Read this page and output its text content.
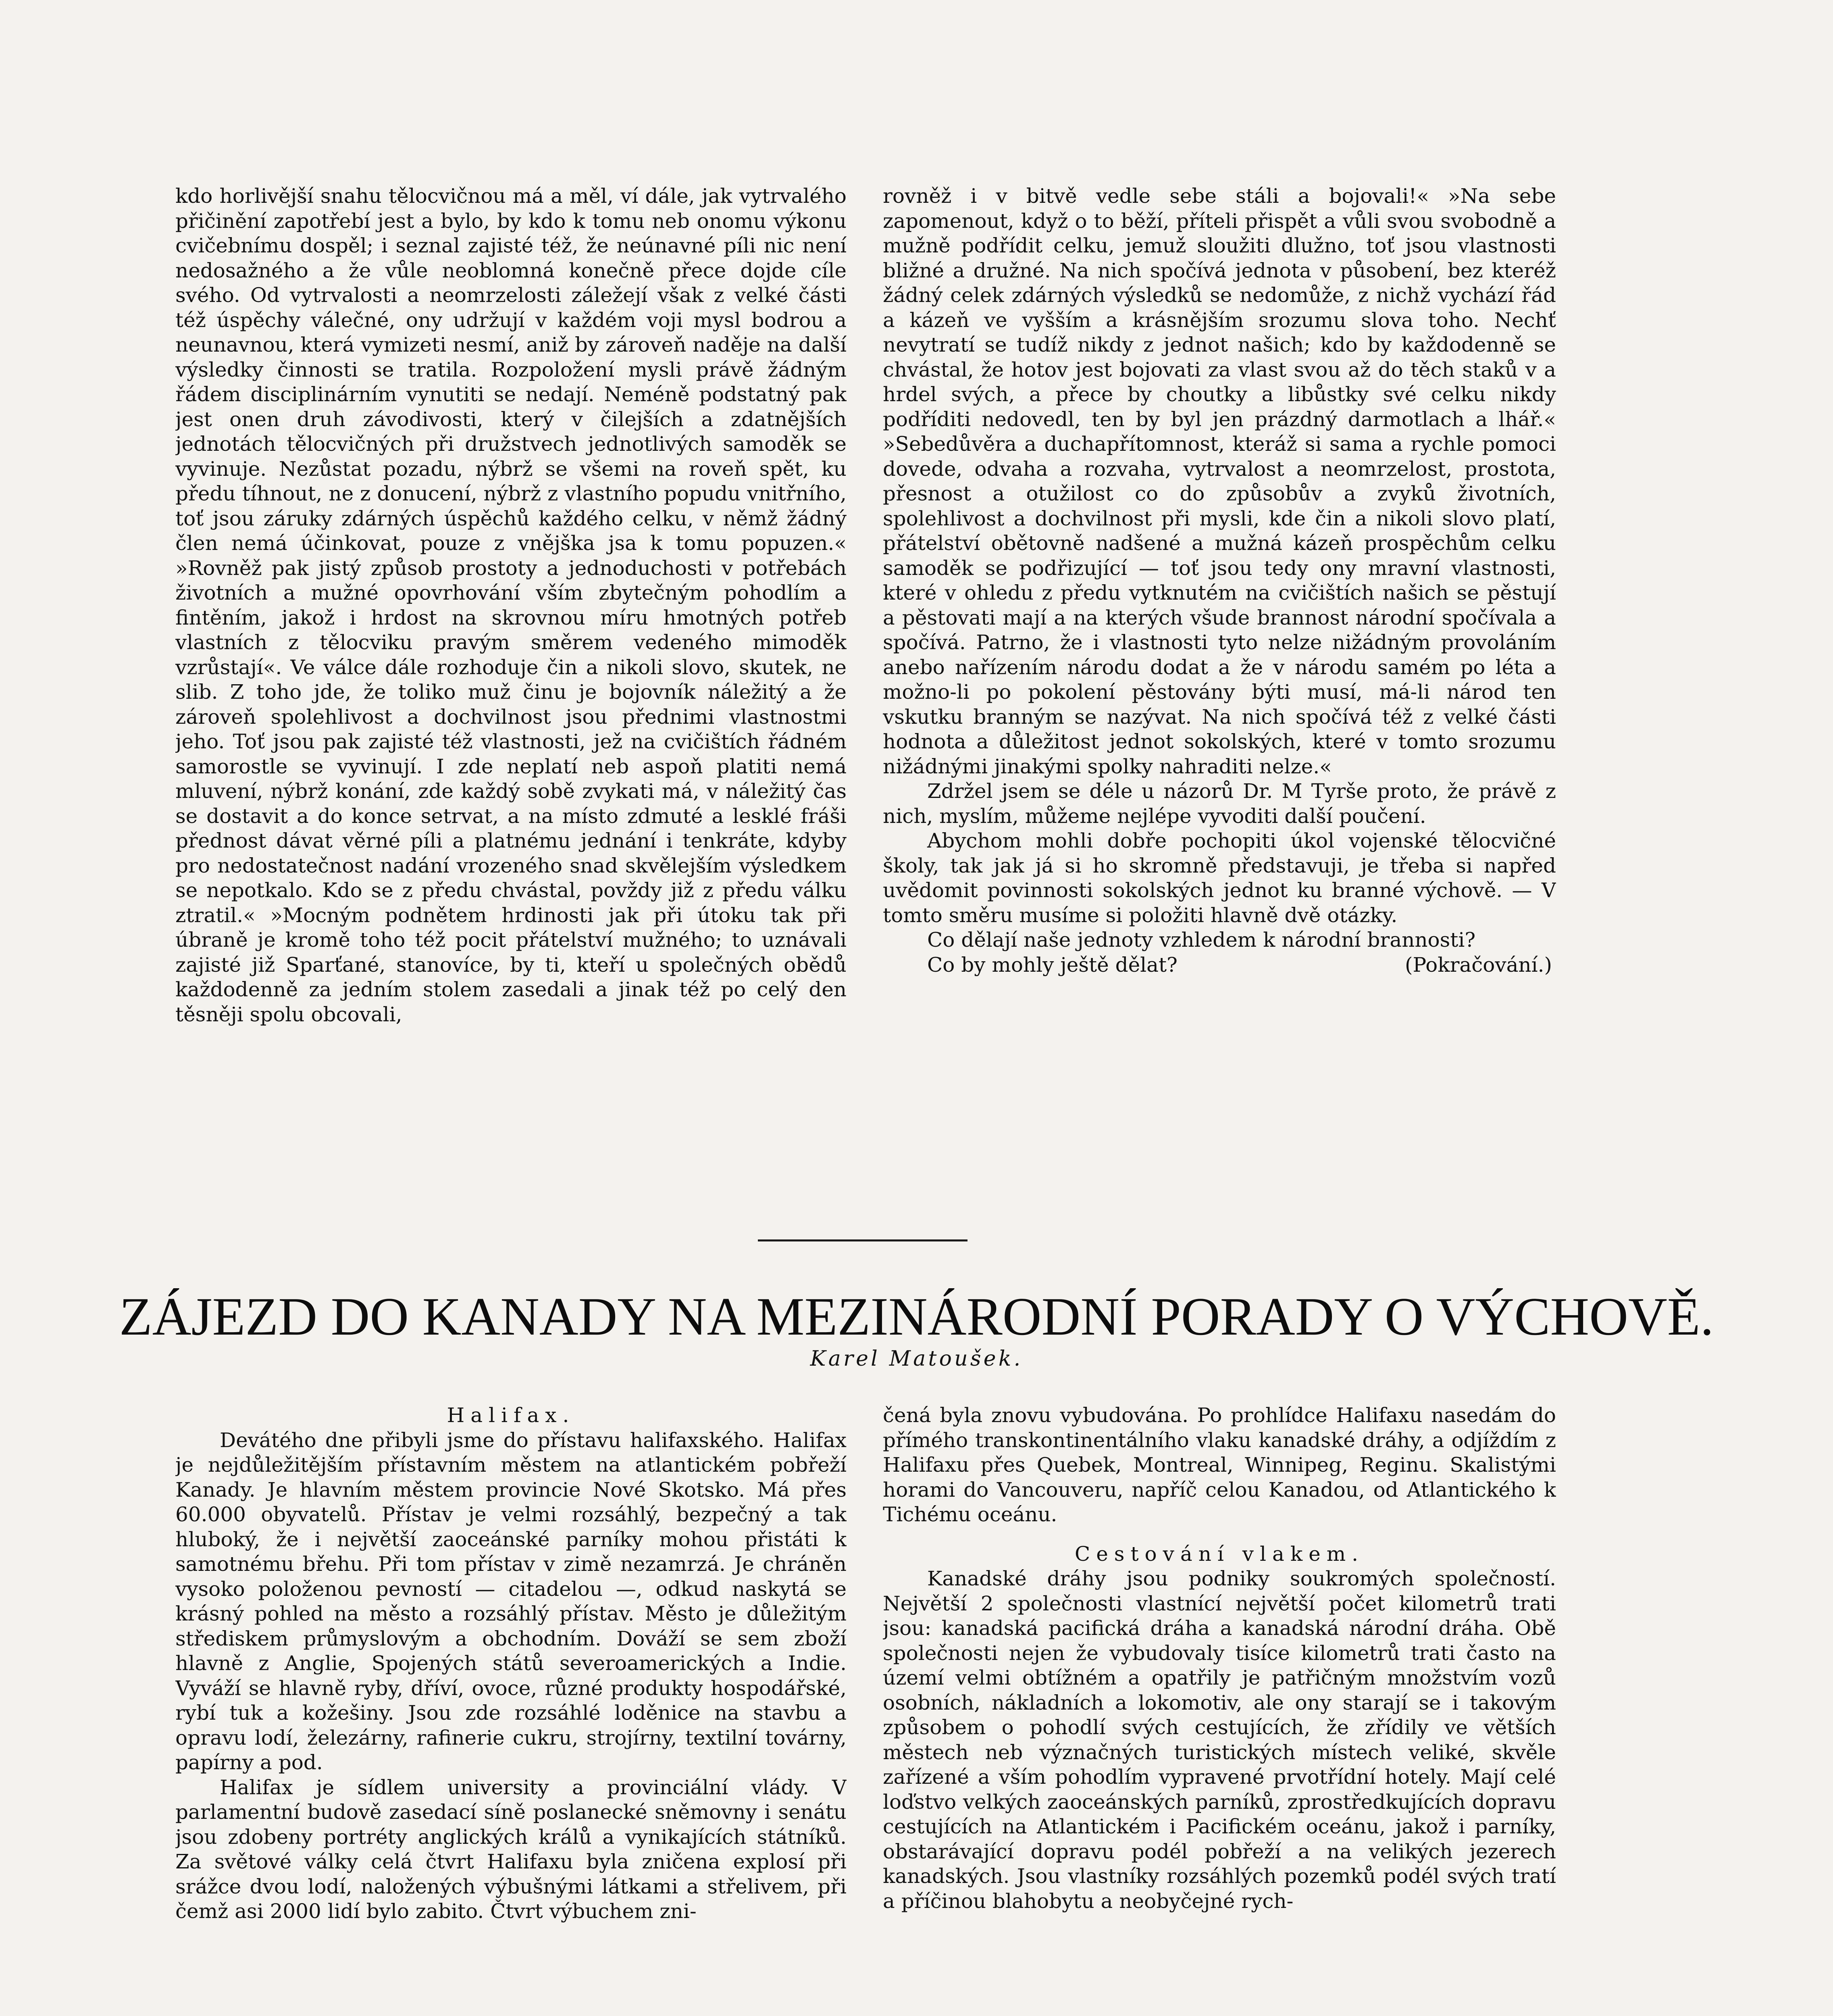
kdo horlivější snahu tělocvičnou má a měl, ví dále, jak vytrvalého přičinění zapotřebí jest a bylo, by kdo k tomu neb onomu výkonu cvičebnímu dospěl; i seznal zajisté též, že neúnavné píli nic není nedosažného a že vůle neoblomná konečně přece dojde cíle svého. Od vytrvalosti a neomrzelosti záležejí však z velké části též úspěchy válečné, ony udržují v každém voji mysl bodrou a neunavnou, která vymizeti nesmí, aniž by zároveň naděje na další výsledky činnosti se tratila. Rozpoložení mysli právě žádným řádem disciplinárním vynutiti se nedají. Neméně podstatný pak jest onen druh závodivosti, který v čilejších a zdatnějších jednotách tělocvičných při družstvech jednotlivých samoděk se vyvinuje. Nezůstat pozadu, nýbrž se všemi na roveň spět, ku předu tíhnout, ne z donucení, nýbrž z vlastního popudu vnitřního, toť jsou záruky zdárných úspěchů každého celku, v němž žádný člen nemá účinkovat, pouze z vnějška jsa k tomu popuzen.« »Rovněž pak jistý způsob prostoty a jednoduchosti v potřebách životních a mužné opovrhování vším zbytečným pohodlím a fintěním, jakož i hrdost na skrovnou míru hmotných potřeb vlastních z tělocviku pravým směrem vedeného mimoděk vzrůstají«. Ve válce dále rozhoduje čin a nikoli slovo, skutek, ne slib. Z toho jde, že toliko muž činu je bojovník náležitý a že zároveň spolehlivost a dochvilnost jsou přednimi vlastnostmi jeho. Toť jsou pak zajisté též vlastnosti, jež na cvičištích řádném samorostle se vyvinují. I zde neplatí neb aspoň platiti nemá mluvení, nýbrž konání, zde každý sobě zvykati má, v náležitý čas se dostavit a do konce setrvat, a na místo zdmuté a lesklé fráši přednost dávat věrné píli a platnému jednání i tenkráte, kdyby pro nedostatečnost nadání vrozeného snad skvělejším výsledkem se nepotkalo. Kdo se z předu chvástal, povždy již z předu válku ztratil.« »Mocným podnětem hrdinosti jak při útoku tak při úbraně je kromě toho též pocit přátelství mužného; to uznávali zajisté již Sparťané, stanovíce, by ti, kteří u společných obědů každodenně za jedním stolem zasedali a jinak též po celý den těsněji spolu obcovali,

rovněž i v bitvě vedle sebe stáli a bojovali!« »Na sebe zapomenout, když o to běží, příteli přispět a vůli svou svobodně a mužně podřídit celku, jemuž sloužiti dlužno, toť jsou vlastnosti bližné a družné. Na nich spočívá jednota v působení, bez kteréž žádný celek zdárných výsledků se nedomůže, z nichž vychází řád a kázeň ve vyšším a krásnějším srozumu slova toho. Nechť nevytratí se tudíž nikdy z jednot našich; kdo by každodenně se chvástal, že hotov jest bojovati za vlast svou až do těch staků v a hrdel svých, a přece by choutky a libůstky své celku nikdy podříditi nedovedl, ten by byl jen prázdný darmotlach a lhář.« »Sebedůvěra a duchapřítomnost, kteráž si sama a rychle pomoci dovede, odvaha a rozvaha, vytrvalost a neomrzelost, prostota, přesnost a otužilost co do způsobův a zvyků životních, spolehlivost a dochvilnost při mysli, kde čin a nikoli slovo platí, přátelství obětovně nadšené a mužná kázeň prospěchům celku samoděk se podřizující — toť jsou tedy ony mravní vlastnosti, které v ohledu z předu vytknutém na cvičištích našich se pěstují a pěstovati mají a na kterých všude brannost národní spočívala a spočívá. Patrno, že i vlastnosti tyto nelze nižádným provoláním anebo nařízením národu dodat a že v národu samém po léta a možno-li po pokolení pěstovány býti musí, má-li národ ten vskutku branným se nazývat. Na nich spočívá též z velké části hodnota a důležitost jednot sokolských, které v tomto srozumu nižádnými jinakými spolky nahraditi nelze.«

Zdržel jsem se déle u názorů Dr. M Tyrše proto, že právě z nich, myslím, můžeme nejlépe vyvoditi další poučení.

Abychom mohli dobře pochopiti úkol vojenské tělocvičné školy, tak jak já si ho skromně představuji, je třeba si napřed uvědomit povinnosti sokolských jednot ku branné výchově. — V tomto směru musíme si položiti hlavně dvě otázky.

Co dělají naše jednoty vzhledem k národní brannosti?

Co by mohly ještě dělat?	(Pokračování.)

ZÁJEZD DO KANADY NA MEZINÁRODNÍ PORADY O VÝCHOVĚ.
Karel Matoušek.

Halifax.

Devátého dne přibyli jsme do přístavu halifaxského. Halifax je nejdůležitějším přístavním městem na atlantickém pobřeží Kanady. Je hlavním městem provincie Nové Skotsko. Má přes 60.000 obyvatelů. Přístav je velmi rozsáhlý, bezpečný a tak hluboký, že i největší zaoceánské parníky mohou přistáti k samotnému břehu. Při tom přístav v zimě nezamrzá. Je chráněn vysoko položenou pevností — citadelou —, odkud naskytá se krásný pohled na město a rozsáhlý přístav. Město je důležitým střediskem průmyslovým a obchodním. Dováží se sem zboží hlavně z Anglie, Spojených států severoamerických a Indie. Vyváží se hlavně ryby, dříví, ovoce, různé produkty hospodářské, rybí tuk a kožešiny. Jsou zde rozsáhlé loděnice na stavbu a opravu lodí, železárny, rafinerie cukru, strojírny, textilní továrny, papírny a pod.

Halifax je sídlem university a provinciální vlády. V parlamentní budově zasedací síně poslanecké sněmovny i senátu jsou zdobeny portréty anglických králů a vynikajících státníků. Za světové války celá čtvrt Halifaxu byla zničena explosí při srážce dvou lodí, naložených výbušnými látkami a střelivem, při čemž asi 2000 lidí bylo zabito. Čtvrt výbuchem zni-

čená byla znovu vybudována. Po prohlídce Halifaxu nasedám do přímého transkontinentálního vlaku kanadské dráhy, a odjíždím z Halifaxu přes Quebek, Montreal, Winnipeg, Reginu. Skalistými horami do Vancouveru, napříč celou Kanadou, od Atlantického k Tichému oceánu.

Cestování vlakem.

Kanadské dráhy jsou podniky soukromých společností. Největší 2 společnosti vlastnící největší počet kilometrů trati jsou: kanadská pacifická dráha a kanadská národní dráha. Obě společnosti nejen že vybudovaly tisíce kilometrů trati často na území velmi obtížném a opatřily je patřičným množstvím vozů osobních, nákladních a lokomotiv, ale ony starají se i takovým způsobem o pohodlí svých cestujících, že zřídily ve větších městech neb význačných turistických místech veliké, skvěle zařízené a vším pohodlím vypravené prvotřídní hotely. Mají celé loďstvo velkých zaoceánských parníků, zprostředkujících dopravu cestujících na Atlantickém i Pacifickém oceánu, jakož i parníky, obstarávající dopravu podél pobřeží a na velikých jezerech kanadských. Jsou vlastníky rozsáhlých pozemků podél svých tratí a příčinou blahobytu a neobyčejné rych-
